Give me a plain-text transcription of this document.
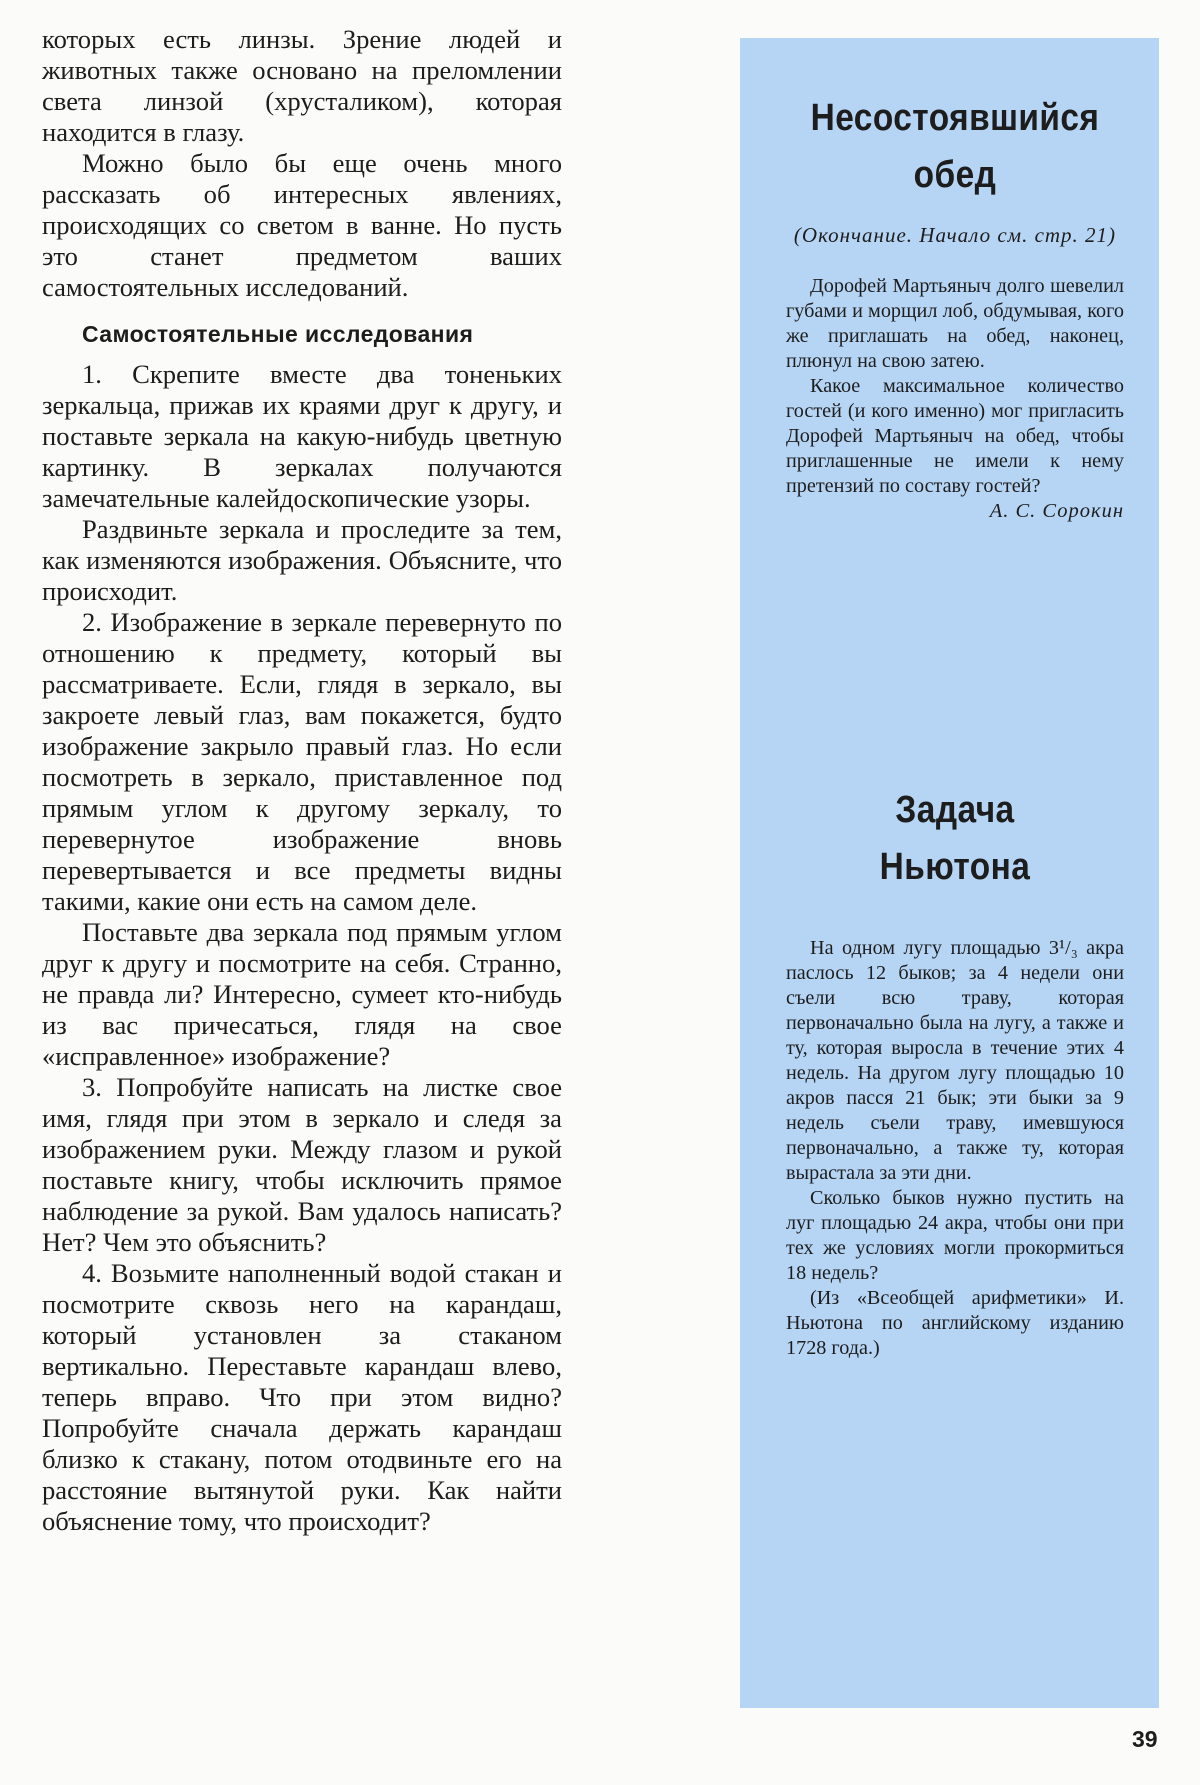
которых есть линзы. Зрение людей и животных также основано на преломлении света линзой (хрусталиком), которая находится в глазу.

Можно было бы еще очень много рассказать об интересных явлениях, происходящих со светом в ванне. Но пусть это станет предметом ваших самостоятельных исследований.

Самостоятельные исследования

1. Скрепите вместе два тоненьких зеркальца, прижав их краями друг к другу, и поставьте зеркала на какую-нибудь цветную картинку. В зеркалах получаются замечательные калейдоскопические узоры.

Раздвиньте зеркала и проследите за тем, как изменяются изображения. Объясните, что происходит.

2. Изображение в зеркале перевернуто по отношению к предмету, который вы рассматриваете. Если, глядя в зеркало, вы закроете левый глаз, вам покажется, будто изображение закрыло правый глаз. Но если посмотреть в зеркало, приставленное под прямым углом к другому зеркалу, то перевернутое изображение вновь перевертывается и все предметы видны такими, какие они есть на самом деле.

Поставьте два зеркала под прямым углом друг к другу и посмотрите на себя. Странно, не правда ли? Интересно, сумеет кто-нибудь из вас причесаться, глядя на свое «исправленное» изображение?

3. Попробуйте написать на листке свое имя, глядя при этом в зеркало и следя за изображением руки. Между глазом и рукой поставьте книгу, чтобы исключить прямое наблюдение за рукой. Вам удалось написать? Нет? Чем это объяснить?

4. Возьмите наполненный водой стакан и посмотрите сквозь него на карандаш, который установлен за стаканом вертикально. Переставьте карандаш влево, теперь вправо. Что при этом видно? Попробуйте сначала держать карандаш близко к стакану, потом отодвиньте его на расстояние вытянутой руки. Как найти объяснение тому, что происходит?

Несостоявшийся
обед

(Окончание. Начало см. стр. 21)

Дорофей Мартьяныч долго шевелил губами и морщил лоб, обдумывая, кого же приглашать на обед, наконец, плюнул на свою затею.

Какое максимальное количество гостей (и кого именно) мог пригласить Дорофей Мартьяныч на обед, чтобы приглашенные не имели к нему претензий по составу гостей?

А. С. Сорокин

Задача
Ньютона

На одном лугу площадью 3¹/₃ акра паслось 12 быков; за 4 недели они съели всю траву, которая первоначально была на лугу, а также и ту, которая выросла в течение этих 4 недель. На другом лугу площадью 10 акров пасся 21 бык; эти быки за 9 недель съели траву, имевшуюся первоначально, а также ту, которая вырастала за эти дни.

Сколько быков нужно пустить на луг площадью 24 акра, чтобы они при тех же условиях могли прокормиться 18 недель?

(Из «Всеобщей арифметики» И. Ньютона по английскому изданию 1728 года.)

39
